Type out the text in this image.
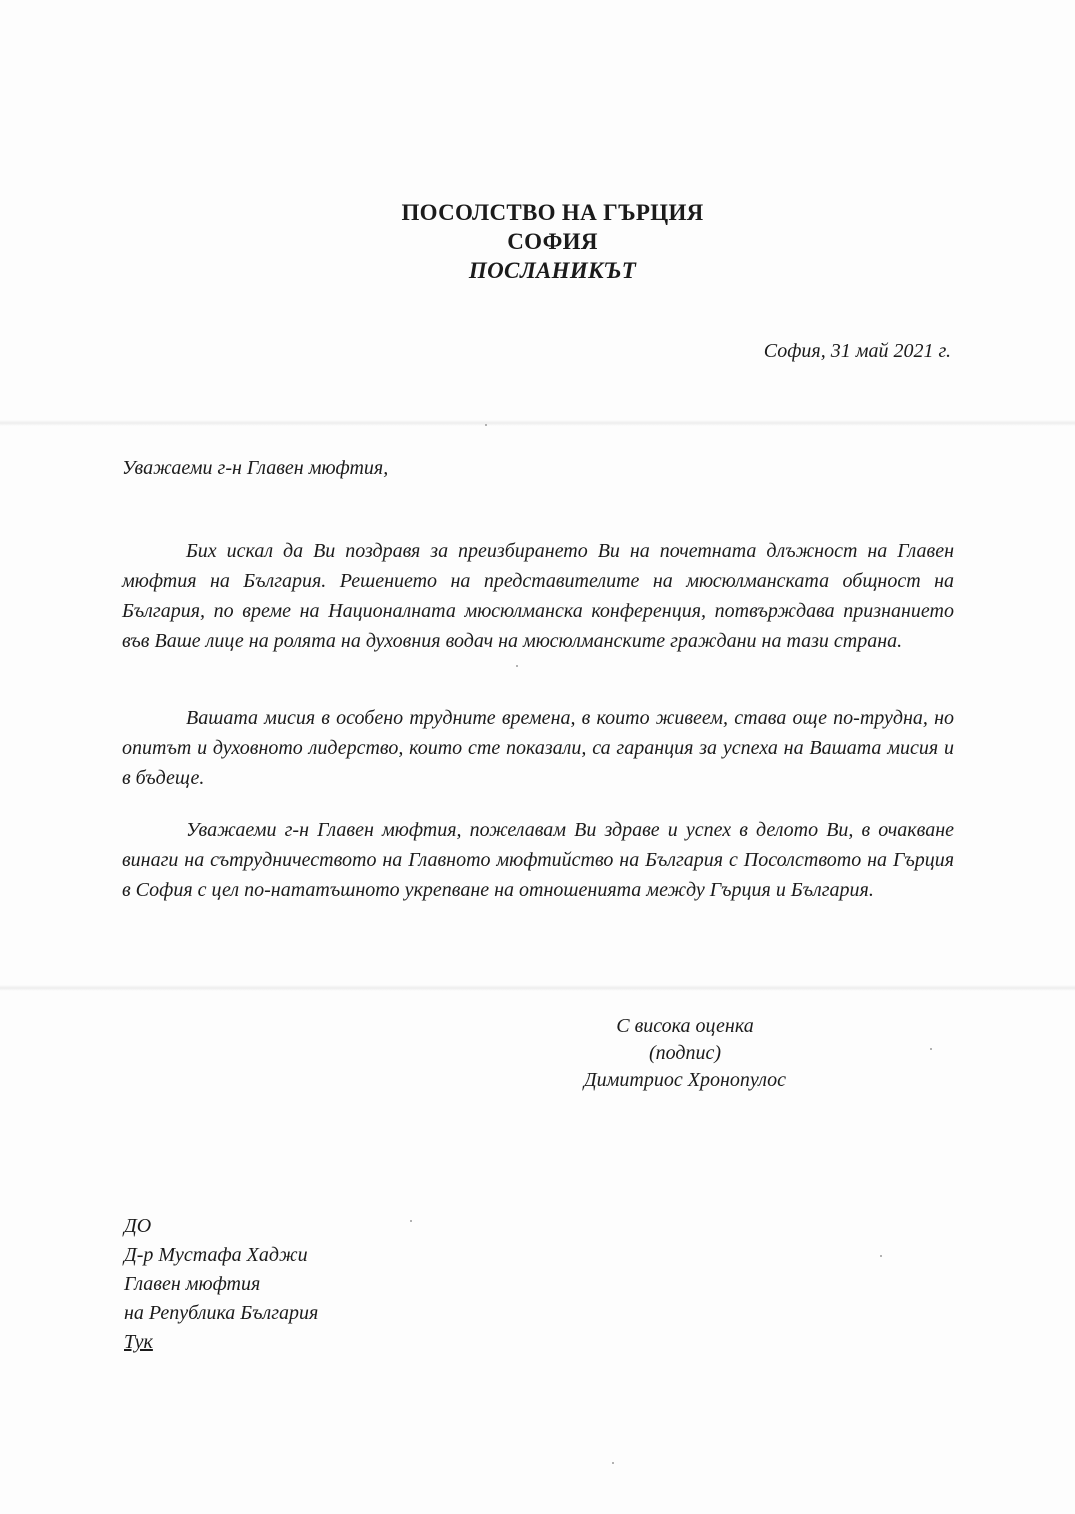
ПОСОЛСТВО НА ГЪРЦИЯ
СОФИЯ
ПОСЛАНИКЪТ
София, 31 май 2021 г.
Уважаеми г-н Главен мюфтия,

Бих искал да Ви поздравя за преизбирането Ви на почетната длъжност на Главен мюфтия на България. Решението на представителите на мюсюлманската общност на България, по време на Националната мюсюлманска конференция, потвърждава признанието във Ваше лице на ролята на духовния водач на мюсюлманските граждани на тази страна.

Вашата мисия в особено трудните времена, в които живеем, става още по-трудна, но опитът и духовното лидерство, които сте показали, са гаранция за успеха на Вашата мисия и в бъдеще.

Уважаеми г-н Главен мюфтия, пожелавам Ви здраве и успех в делото Ви, в очакване винаги на сътрудничеството на Главното мюфтийство на България с Посолството на Гърция в София с цел по-нататъшното укрепване на отношенията между Гърция и България.

С висока оценка
(подпис)
Димитриос Хронопулос
ДО
Д-р Мустафа Хаджи
Главен мюфтия
на Република България
Тук
